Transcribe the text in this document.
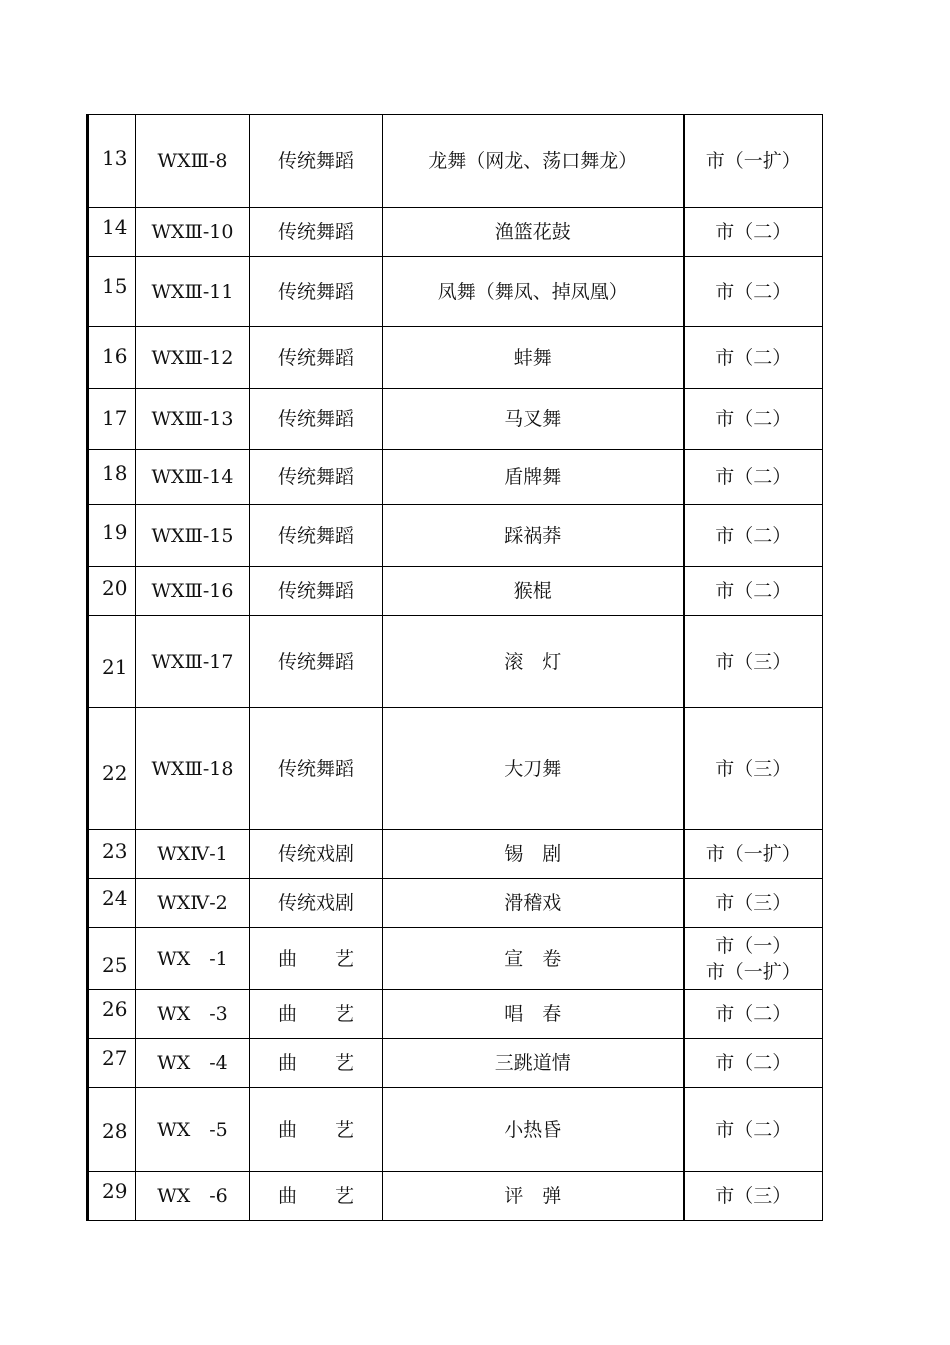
13	WXⅢ-8	传统舞蹈	龙舞（网龙、荡口舞龙）	市（一扩）
14	WXⅢ-10	传统舞蹈	渔篮花鼓	市（二）
15	WXⅢ-11	传统舞蹈	凤舞（舞凤、掉凤凰）	市（二）
16	WXⅢ-12	传统舞蹈	蚌舞	市（二）
17	WXⅢ-13	传统舞蹈	马叉舞	市（二）
18	WXⅢ-14	传统舞蹈	盾牌舞	市（二）
19	WXⅢ-15	传统舞蹈	踩祸莽	市（二）
20	WXⅢ-16	传统舞蹈	猴棍	市（二）
21	WXⅢ-17	传统舞蹈	滚　灯	市（三）
22	WXⅢ-18	传统舞蹈	大刀舞	市（三）
23	WXⅣ-1	传统戏剧	锡　剧	市（一扩）
24	WXⅣ-2	传统戏剧	滑稽戏	市（三）
25	WX　-1	曲　　艺	宣　卷	市（一）
市（一扩）

26	WX　-3	曲　　艺	唱　春	市（二）
27	WX　-4	曲　　艺	三跳道情	市（二）
28	WX　-5	曲　　艺	小热昏	市（二）
29	WX　-6	曲　　艺	评　弹	市（三）
